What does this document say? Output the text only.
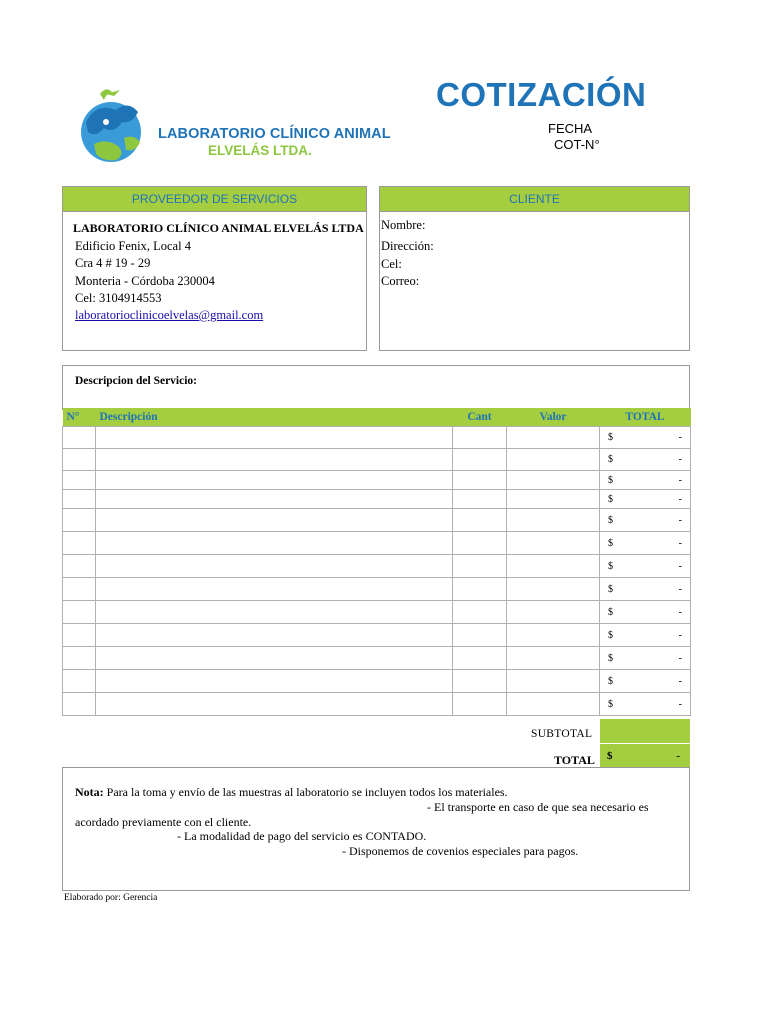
LABORATORIO CLÍNICO ANIMAL
ELVELÁS LTDA.
COTIZACIÓN
FECHA
COT-N°
PROVEEDOR DE SERVICIOS
LABORATORIO CLÍNICO ANIMAL ELVELÁS LTDA
Edificio Fenix, Local 4
Cra 4 # 19 - 29
Monteria - Córdoba 230004
Cel: 3104914553
laboratorioclinicoelvelas@gmail.com
CLIENTE
Nombre:
Dirección:
Cel:
Correo:
Descripcion del Servicio:
N°	Descripción	Cant	Valor	TOTAL

				$ -

				$ -

				$ -

				$ -

				$ -

				$ -

				$ -

				$ -

				$ -

				$ -

				$ -

				$ -

				$ -
SUBTOTAL
TOTAL $	-
Nota: Para la toma y envío de las muestras al laboratorio se incluyen todos los materiales.
- El transporte en caso de que sea necesario es
acordado previamente con el cliente.
- La modalidad de pago del servicio es CONTADO.
- Disponemos de covenios especiales para pagos.
Elaborado por: Gerencia
